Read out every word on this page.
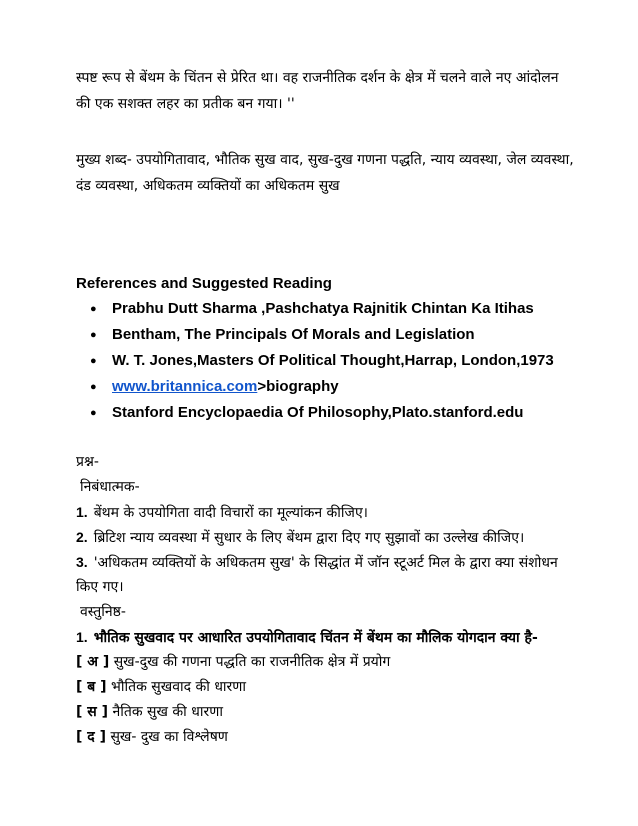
स्पष्ट रूप से बेंथम के चिंतन से प्रेरित था। वह राजनीतिक दर्शन के क्षेत्र में चलने वाले नए आंदोलन
की एक सशक्त लहर का प्रतीक बन गया। ''
मुख्य शब्द- उपयोगितावाद, भौतिक सुख वाद, सुख-दुख गणना पद्धति, न्याय व्यवस्था, जेल व्यवस्था,
दंड व्यवस्था, अधिकतम व्यक्तियों का अधिकतम सुख
References and Suggested Reading
● Prabhu Dutt Sharma ,Pashchatya Rajnitik Chintan Ka Itihas
● Bentham, The Principals Of Morals and Legislation
● W. T. Jones,Masters Of Political Thought,Harrap, London,1973
● www.britannica.com>biography
● Stanford Encyclopaedia Of Philosophy,Plato.stanford.edu
प्रश्न-
निबंधात्मक-
1. बेंथम के उपयोगिता वादी विचारों का मूल्यांकन कीजिए।
2. ब्रिटिश न्याय व्यवस्था में सुधार के लिए बेंथम द्वारा दिए गए सुझावों का उल्लेख कीजिए।
3. 'अधिकतम व्यक्तियों के अधिकतम सुख' के सिद्धांत में जॉन स्टूअर्ट मिल के द्वारा क्या संशोधन
किए गए।
वस्तुनिष्ठ-
1. भौतिक सुखवाद पर आधारित उपयोगितावाद चिंतन में बेंथम का मौलिक योगदान क्या है-
[ अ ] सुख-दुख की गणना पद्धति का राजनीतिक क्षेत्र में प्रयोग
[ ब ] भौतिक सुखवाद की धारणा
[ स ] नैतिक सुख की धारणा
[ द ] सुख- दुख का विश्लेषण
